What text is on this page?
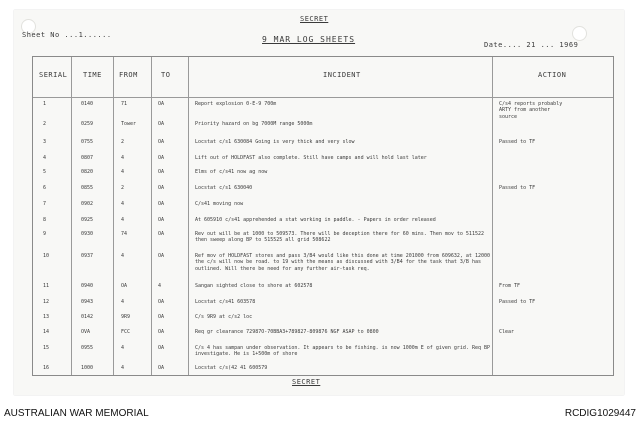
SECRET
Sheet No ...1......	9 MAR LOG SHEETS
Date.... 21 ... 1969
SERIAL TIME FROM	TO	INCIDENT	ACTION
1	0140	71	OA	Report explosion 0-E-9 700m	C/s4 reports probably ARTY from another source
2	0259	Tower	OA	Priority hazard on bg 7000M range 5000m
3	0755	2	OA	Locstat c/s1 630084 Going is very thick and very slow	Passed to TF
4	0807	4	OA	Lift out of HOLDFAST also complete. Still have camps and will hold last later
5	0820	4	OA	Elms of c/s41 now ag now
6	0855	2	OA	Locstat c/s1 630040	Passed to TF
7	0902	4	OA	C/s41 moving now
8	0925	4	OA	At 605910 c/s41 apprehended a stat working in paddle. - Papers in order released
9	0930	74	OA	Rev out will be at 1000 to 509573. There will be deception there for 60 mins. Then mov to 511522 then sweep along BP to 515525 all grid 508622
10	0937	4	OA	Ref mov of HOLDFAST stores and pass 3/B4 would like this done at time 201000 from 609632, at 12000 the c/s will now be road. to 19 with the means as discussed with 3/B4 for the task that 3/B has outlined. Will there be need for any further air-task req.
11	0940	OA	4	Sangan sighted close to shore at 602578	From TF
12	0943	4	OA	Locstat c/s41 603578	Passed to TF
13	0142	9R9	OA	C/s 9R9 at c/s2 loc
14	OVA	FCC	OA	Req gr clearance 72987O-70BBA3+789827-809876 NGF ASAP to 0800	Clear
15	0955	4	OA	C/s 4 has sampan under observation. It appears to be fishing. is now 1000m E of given grid. Req BP investigate. He is 1+500m of shore
16	1000	4	OA	Locstat c/s(42 41 600579
SECRET
AUSTRALIAN WAR MEMORIAL	RCDIG1029447
